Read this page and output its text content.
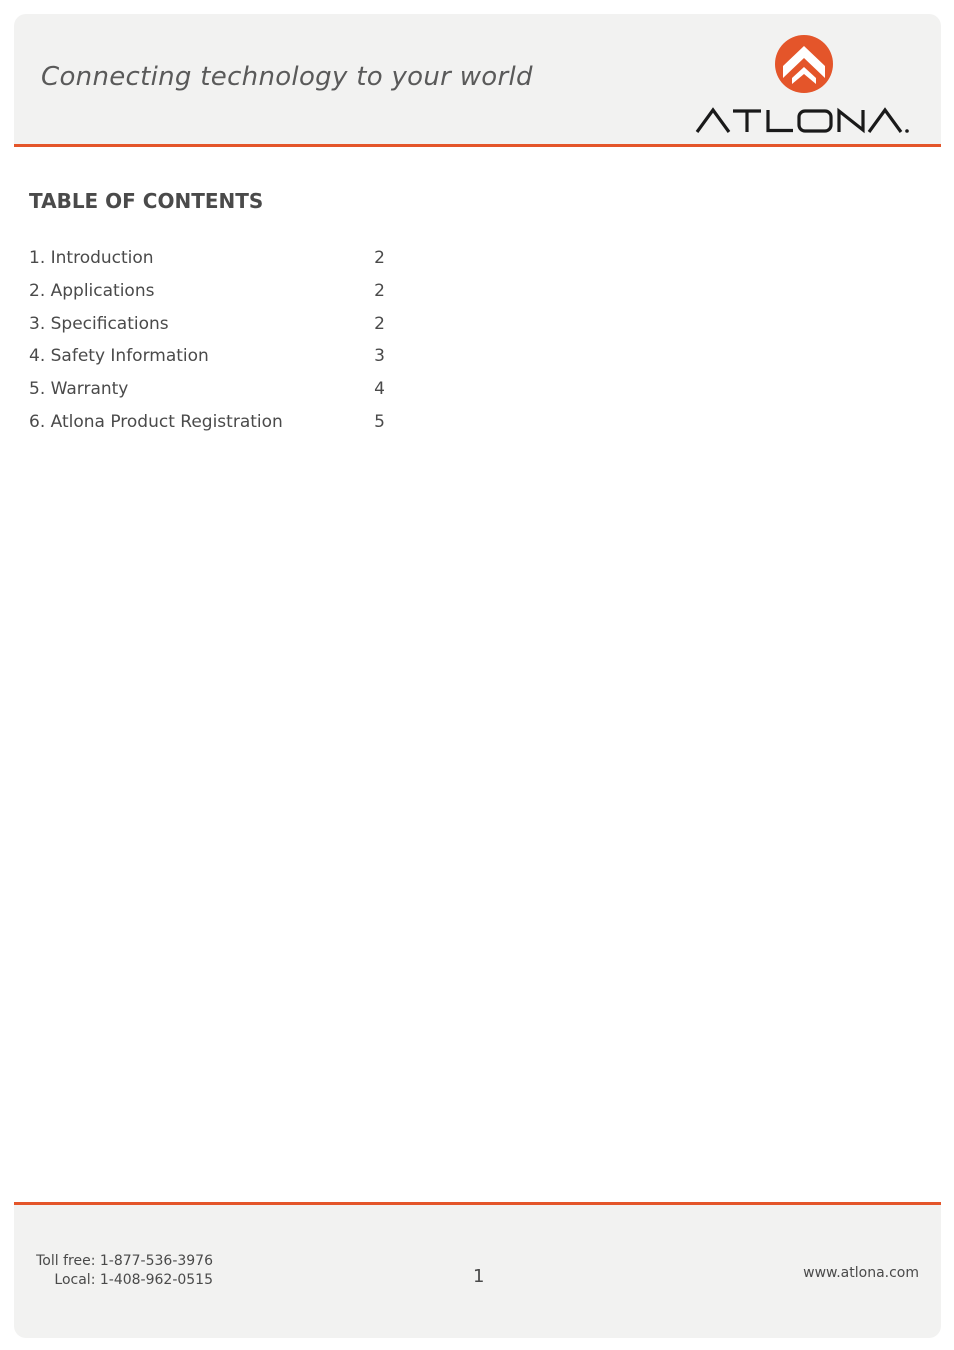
Connecting technology to your world
TABLE OF CONTENTS
1. Introduction	2
2. Applications	2
3. Specifications	2
4. Safety Information	3
5. Warranty	4
6. Atlona Product Registration	5
Toll free: 1-877-536-3976
Local: 1-408-962-0515	1	www.atlona.com
